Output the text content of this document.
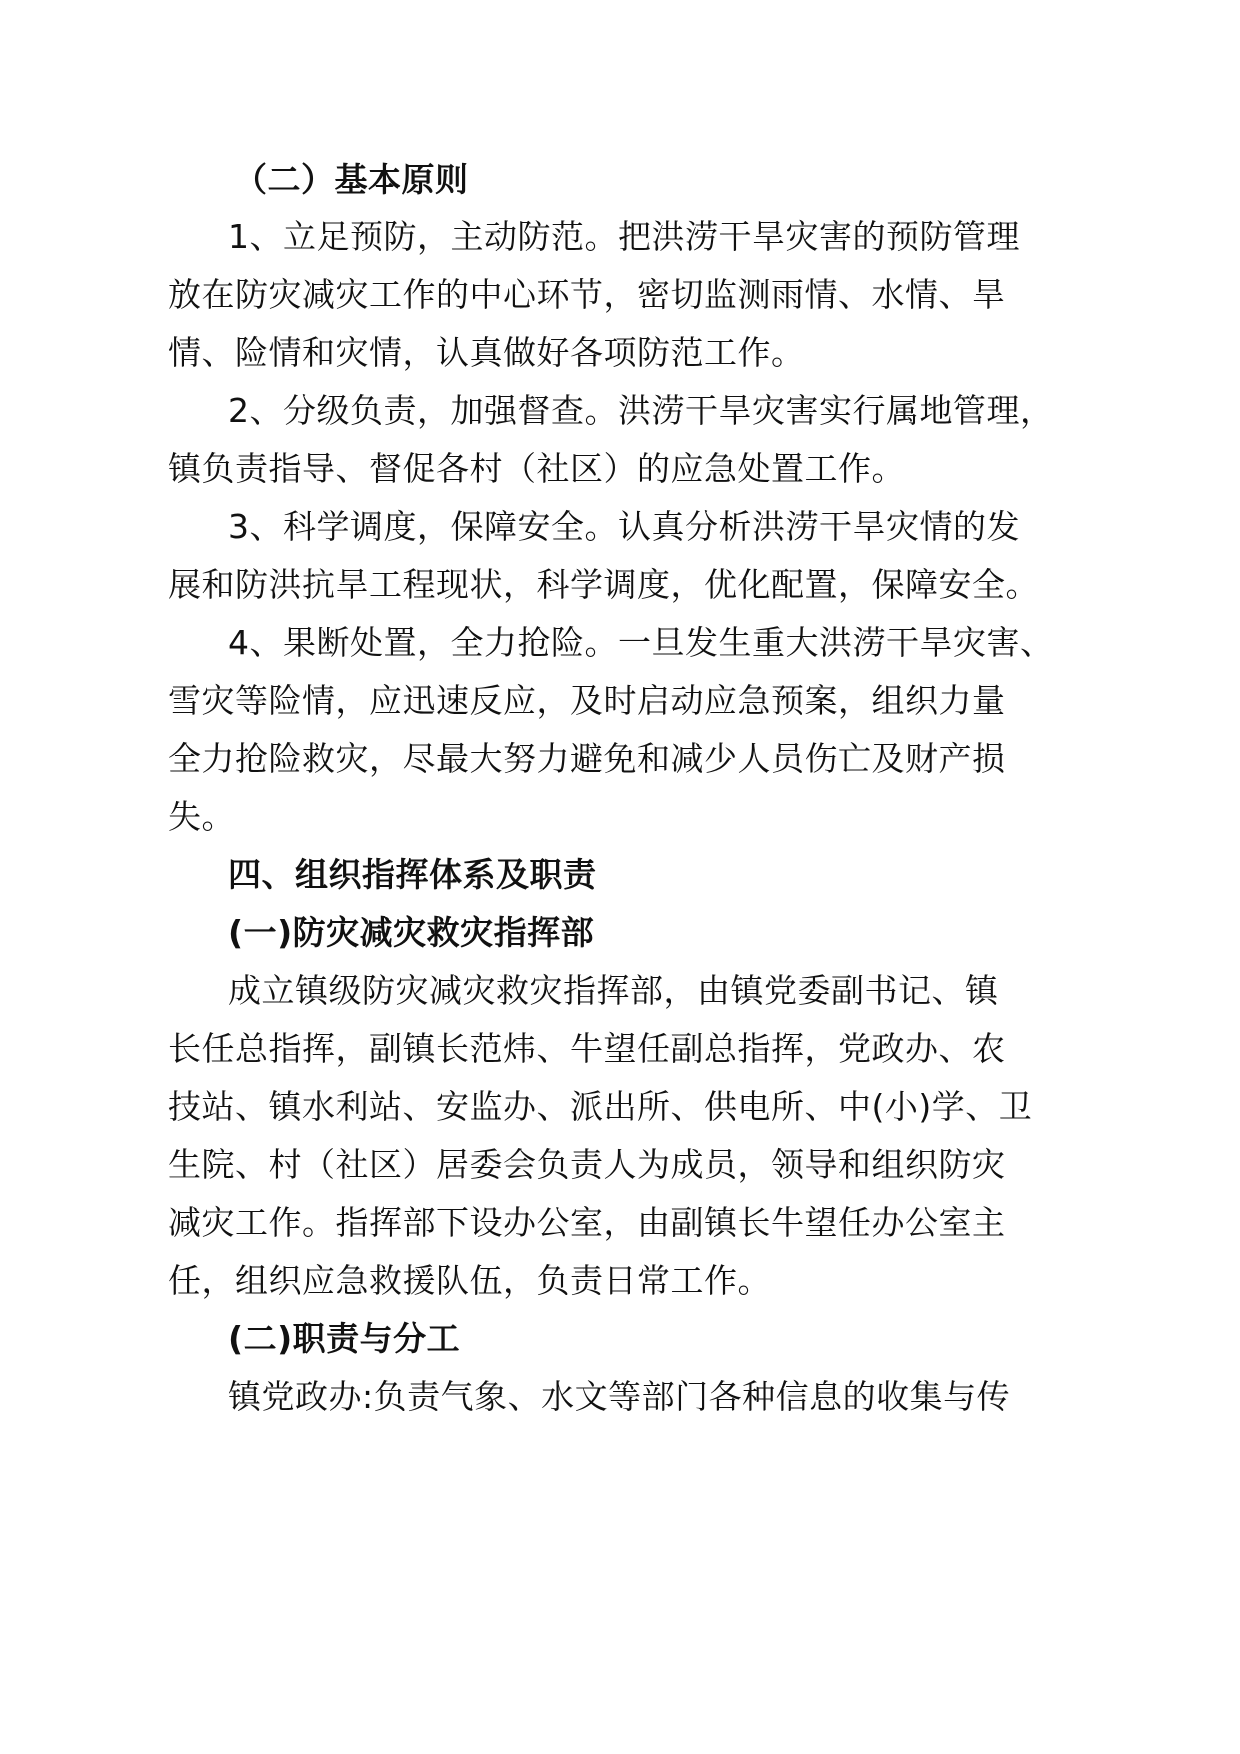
（二）基本原则
1、立足预防，主动防范。把洪涝干旱灾害的预防管理
放在防灾减灾工作的中心环节，密切监测雨情、水情、旱
情、险情和灾情，认真做好各项防范工作。
2、分级负责，加强督查。洪涝干旱灾害实行属地管理，
镇负责指导、督促各村（社区）的应急处置工作。
3、科学调度，保障安全。认真分析洪涝干旱灾情的发
展和防洪抗旱工程现状，科学调度，优化配置，保障安全。
4、果断处置，全力抢险。一旦发生重大洪涝干旱灾害、
雪灾等险情，应迅速反应，及时启动应急预案，组织力量
全力抢险救灾，尽最大努力避免和减少人员伤亡及财产损
失。
四、组织指挥体系及职责
(一)防灾减灾救灾指挥部
成立镇级防灾减灾救灾指挥部，由镇党委副书记、镇
长任总指挥，副镇长范炜、牛望任副总指挥，党政办、农
技站、镇水利站、安监办、派出所、供电所、中(小)学、卫
生院、村（社区）居委会负责人为成员，领导和组织防灾
减灾工作。指挥部下设办公室，由副镇长牛望任办公室主
任，组织应急救援队伍，负责日常工作。
(二)职责与分工
镇党政办:负责气象、水文等部门各种信息的收集与传
